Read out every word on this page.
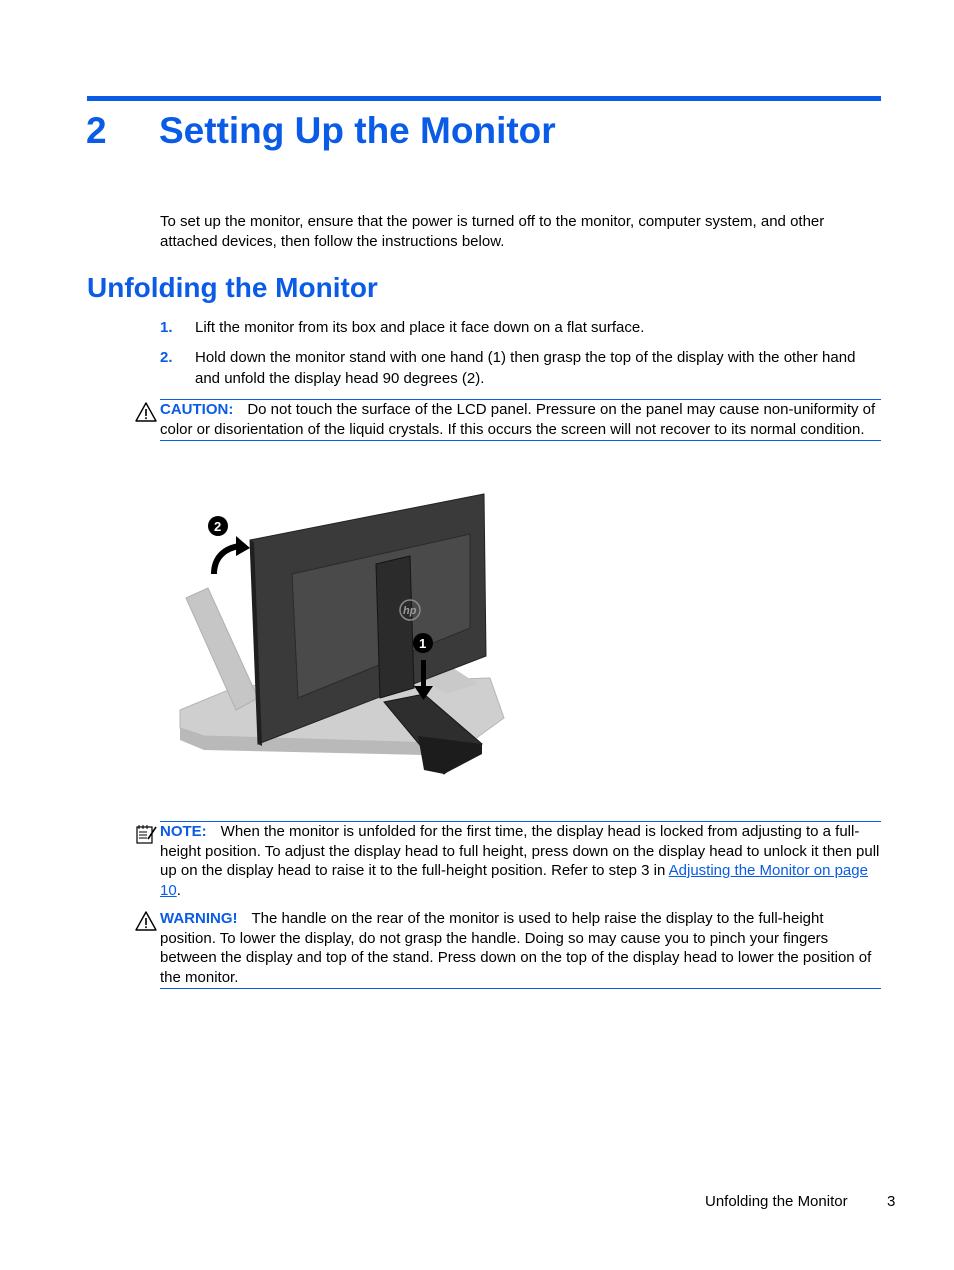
2 Setting Up the Monitor
To set up the monitor, ensure that the power is turned off to the monitor, computer system, and other attached devices, then follow the instructions below.
Unfolding the Monitor
1. Lift the monitor from its box and place it face down on a flat surface.
2. Hold down the monitor stand with one hand (1) then grasp the top of the display with the other hand and unfold the display head 90 degrees (2).
CAUTION: Do not touch the surface of the LCD panel. Pressure on the panel may cause non-uniformity of color or disorientation of the liquid crystals. If this occurs the screen will not recover to its normal condition.
hp
1
2
NOTE: When the monitor is unfolded for the first time, the display head is locked from adjusting to a full-height position. To adjust the display head to full height, press down on the display head to unlock it then pull up on the display head to raise it to the full-height position. Refer to step 3 in Adjusting the Monitor on page 10.
WARNING! The handle on the rear of the monitor is used to help raise the display to the full-height position. To lower the display, do not grasp the handle. Doing so may cause you to pinch your fingers between the display and top of the stand. Press down on the top of the display head to lower the position of the monitor.
Unfolding the Monitor	3
